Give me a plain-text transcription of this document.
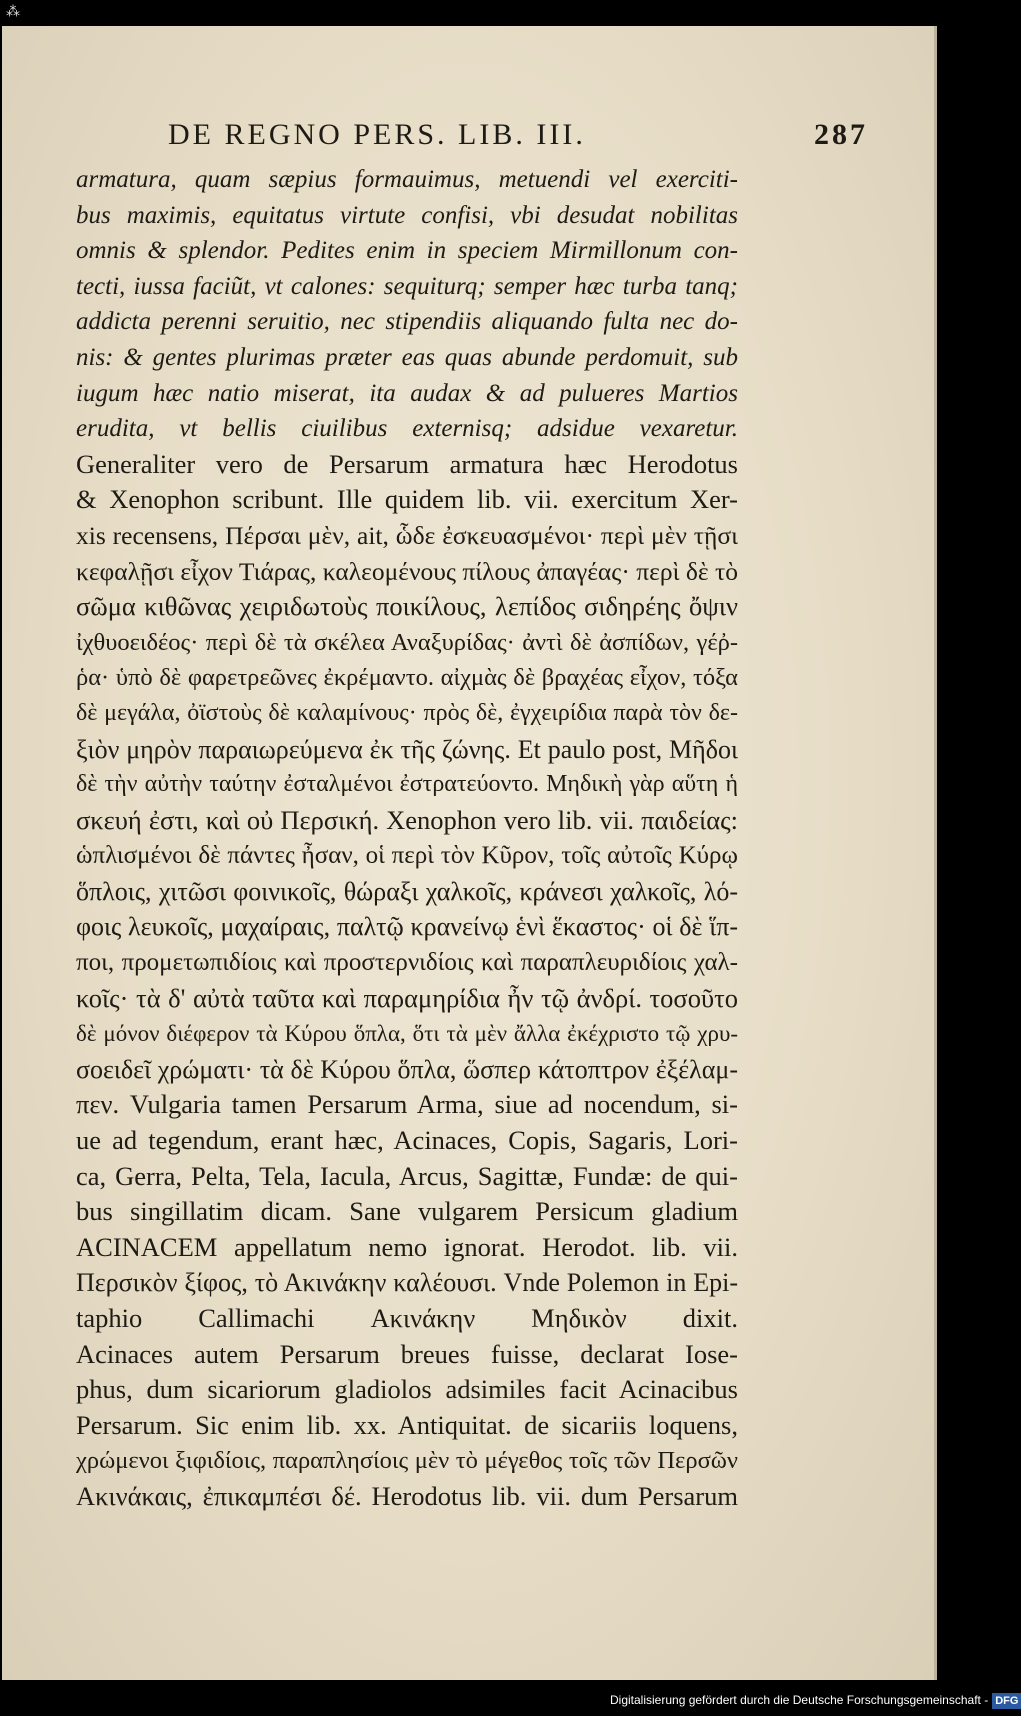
⁂
DE REGNO PERS. LIB. III.	287
armatura, quam sæpius formauimus, metuendi vel exerciti-
bus maximis, equitatus virtute confisi, vbi desudat nobilitas
omnis & splendor. Pedites enim in speciem Mirmillonum con-
tecti, iussa faciũt, vt calones: sequiturq; semper hæc turba tanq;
addicta perenni seruitio, nec stipendiis aliquando fulta nec do-
nis: & gentes plurimas præter eas quas abunde perdomuit, sub
iugum hæc natio miserat, ita audax & ad pulueres Martios
erudita, vt bellis ciuilibus externisq; adsidue vexaretur.
Generaliter vero de Persarum armatura hæc Herodotus
& Xenophon scribunt. Ille quidem lib. vii. exercitum Xer-
xis recensens, Πέρσαι μὲν, ait, ὧδε ἐσκευασμένοι· περὶ μὲν τῇσι
κεφαλῇσι εἶχον Τιάρας, καλεομένους πίλους ἀπαγέας· περὶ δὲ τὸ
σῶμα κιθῶνας χειριδωτοὺς ποικίλους, λεπίδος σιδηρέης ὄψιν
ἰχθυοειδέος· περὶ δὲ τὰ σκέλεα Αναξυρίδας· ἀντὶ δὲ ἀσπίδων, γέῤ-
ῥα· ὑπὸ δὲ φαρετρεῶνες ἐκρέμαντο. αἰχμὰς δὲ βραχέας εἶχον, τόξα
δὲ μεγάλα, ὀϊστοὺς δὲ καλαμίνους· πρὸς δὲ, ἐγχειρίδια παρὰ τὸν δε-
ξιὸν μηρὸν παραιωρεύμενα ἐκ τῆς ζώνης. Et paulo post, Μῆδοι
δὲ τὴν αὐτὴν ταύτην ἐσταλμένοι ἐστρατεύοντο. Μηδικὴ γὰρ αὕτη ἡ
σκευή ἐστι, καὶ οὐ Περσική. Xenophon vero lib. vii. παιδείας:
ὡπλισμένοι δὲ πάντες ἦσαν, οἱ περὶ τὸν Κῦρον, τοῖς αὐτοῖς Κύρῳ
ὅπλοις, χιτῶσι φοινικοῖς, θώραξι χαλκοῖς, κράνεσι χαλκοῖς, λό-
φοις λευκοῖς, μαχαίραις, παλτῷ κρανείνῳ ἑνὶ ἕκαστος· οἱ δὲ ἵπ-
ποι, προμετωπιδίοις καὶ προστερνιδίοις καὶ παραπλευριδίοις χαλ-
κοῖς· τὰ δ' αὐτὰ ταῦτα καὶ παραμηρίδια ἦν τῷ ἀνδρί. τοσοῦτο
δὲ μόνον διέφερον τὰ Κύρου ὅπλα, ὅτι τὰ μὲν ἄλλα ἐκέχριστο τῷ χρυ-
σοειδεῖ χρώματι· τὰ δὲ Κύρου ὅπλα, ὥσπερ κάτοπτρον ἐξέλαμ-
πεν. Vulgaria tamen Persarum Arma, siue ad nocendum, si-
ue ad tegendum, erant hæc, Acinaces, Copis, Sagaris, Lori-
ca, Gerra, Pelta, Tela, Iacula, Arcus, Sagittæ, Fundæ: de qui-
bus singillatim dicam. Sane vulgarem Persicum gladium
ACINACEM appellatum nemo ignorat. Herodot. lib. vii.
Περσικὸν ξίφος, τὸ Ακινάκην καλέουσι. Vnde Polemon in Epi-
taphio Callimachi Ακινάκην Μηδικὸν dixit.
Acinaces autem Persarum breues fuisse, declarat Iose-
phus, dum sicariorum gladiolos adsimiles facit Acinacibus
Persarum. Sic enim lib. xx. Antiquitat. de sicariis loquens,
χρώμενοι ξιφιδίοις, παραπλησίοις μὲν τὸ μέγεθος τοῖς τῶν Περσῶν
Ακινάκαις, ἐπικαμπέσι δέ. Herodotus lib. vii. dum Persarum
Digitalisierung gefördert durch die Deutsche Forschungsgemeinschaft - DFG
